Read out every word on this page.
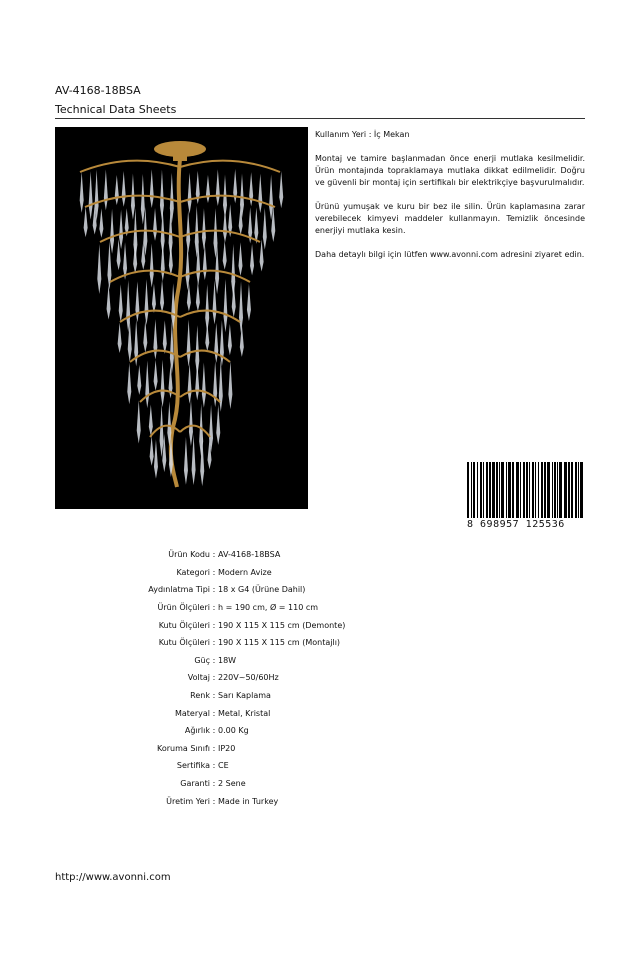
AV-4168-18BSA
Technical Data Sheets

Kullanım Yeri : İç Mekan

Montaj ve tamire başlanmadan önce enerji mutlaka kesilmelidir. Ürün montajında topraklamaya mutlaka dikkat edilmelidir. Doğru ve güvenli bir montaj için sertifikalı bir elektrikçiye başvurulmalıdır.

Ürünü yumuşak ve kuru bir bez ile silin. Ürün kaplamasına zarar verebilecek kimyevi maddeler kullanmayın. Temizlik öncesinde enerjiyi mutlaka kesin.

Daha detaylı bilgi için lütfen www.avonni.com adresini ziyaret edin.

8 698957 125536
Ürün Kodu : AV-4168-18BSA
Kategori : Modern Avize
Aydınlatma Tipi : 18 x G4 (Ürüne Dahil)
Ürün Ölçüleri : h = 190 cm, Ø = 110 cm
Kutu Ölçüleri : 190 X 115 X 115 cm (Demonte)
Kutu Ölçüleri : 190 X 115 X 115 cm (Montajlı)
Güç : 18W
Voltaj : 220V~50/60Hz
Renk : Sarı Kaplama
Materyal : Metal, Kristal
Ağırlık : 0.00 Kg
Koruma Sınıfı : IP20
Sertifika : CE
Garanti : 2 Sene
Üretim Yeri : Made in Turkey
http://www.avonni.com
